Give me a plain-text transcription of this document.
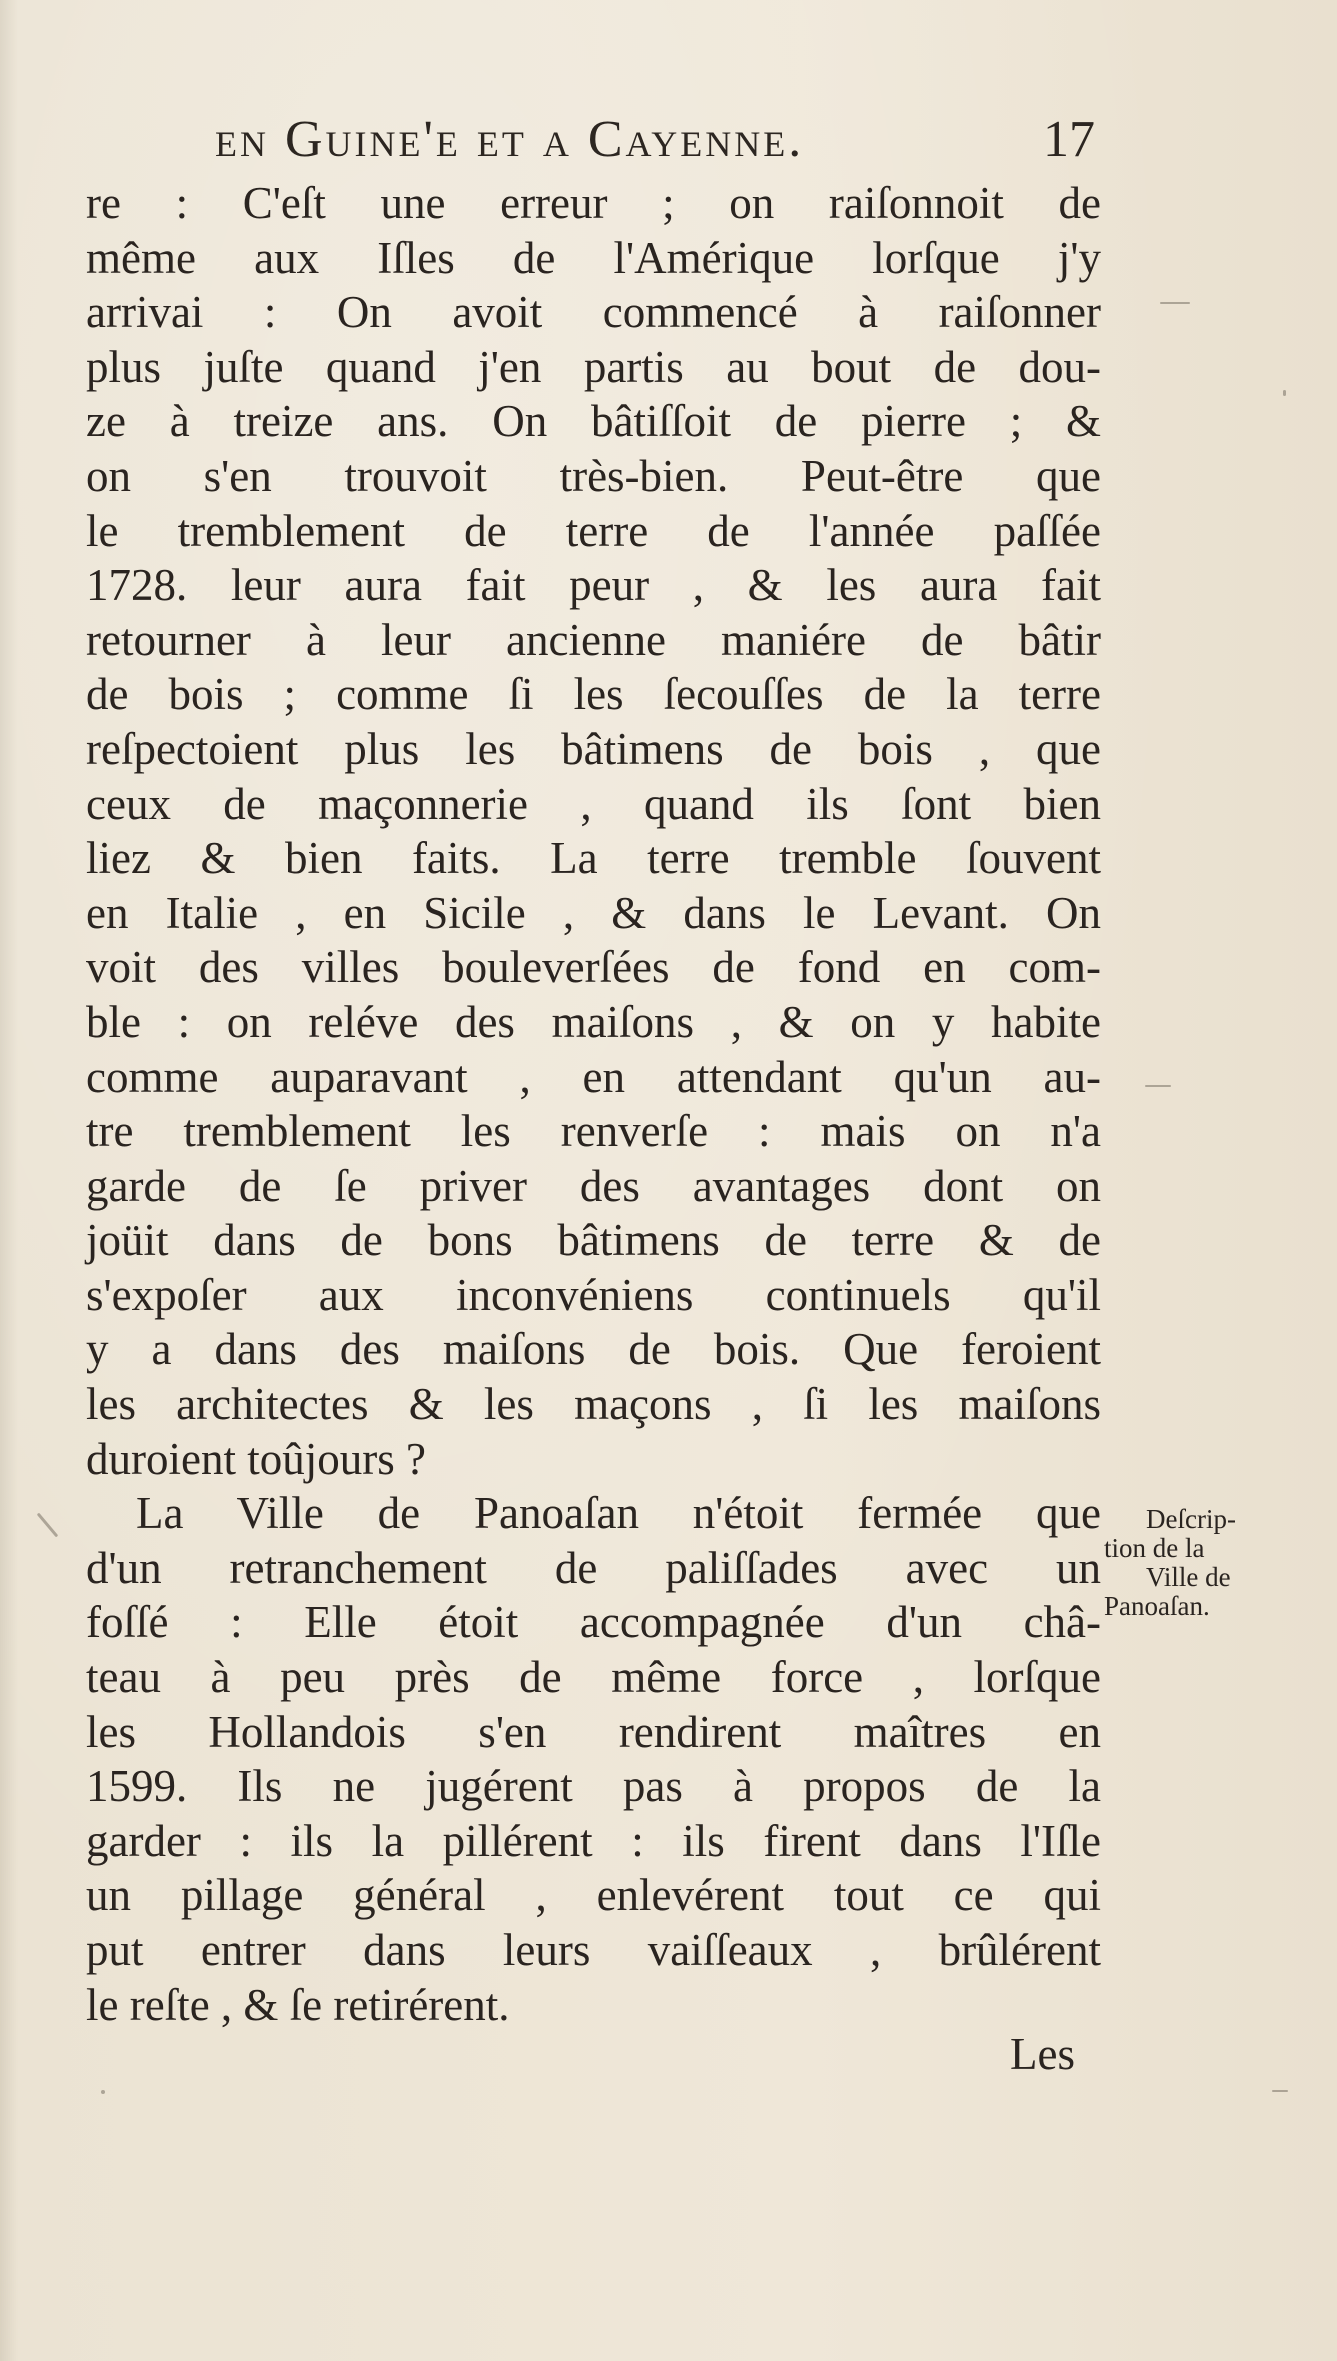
en Guine'e et a Cayenne.	17
re : C'eſt une erreur ; on raiſonnoit de
même aux Iſles de l'Amérique lorſque j'y
arrivai : On avoit commencé à raiſonner
plus juſte quand j'en partis au bout de dou-
ze à treize ans. On bâtiſſoit de pierre ; &
on s'en trouvoit très-bien. Peut-être que
le tremblement de terre de l'année paſſée
1728. leur aura fait peur , & les aura fait
retourner à leur ancienne maniére de bâtir
de bois ; comme ſi les ſecouſſes de la terre
reſpectoient plus les bâtimens de bois , que
ceux de maçonnerie , quand ils ſont bien
liez & bien faits. La terre tremble ſouvent
en Italie , en Sicile , & dans le Levant. On
voit des villes bouleverſées de fond en com-
ble : on reléve des maiſons , & on y habite
comme auparavant , en attendant qu'un au-
tre tremblement les renverſe : mais on n'a
garde de ſe priver des avantages dont on
joüit dans de bons bâtimens de terre & de
s'expoſer aux inconvéniens continuels qu'il
y a dans des maiſons de bois. Que feroient
les architectes & les maçons , ſi les maiſons
duroient toûjours ?
La Ville de Panoaſan n'étoit fermée que
d'un retranchement de paliſſades avec un
foſſé : Elle étoit accompagnée d'un châ-
teau à peu près de même force , lorſque
les Hollandois s'en rendirent maîtres en
1599. Ils ne jugérent pas à propos de la
garder : ils la pillérent : ils firent dans l'Iſle
un pillage général , enlevérent tout ce qui
put entrer dans leurs vaiſſeaux , brûlérent
le reſte , & ſe retirérent.
Deſcrip-
tion de la
Ville de
Panoaſan.
Les
